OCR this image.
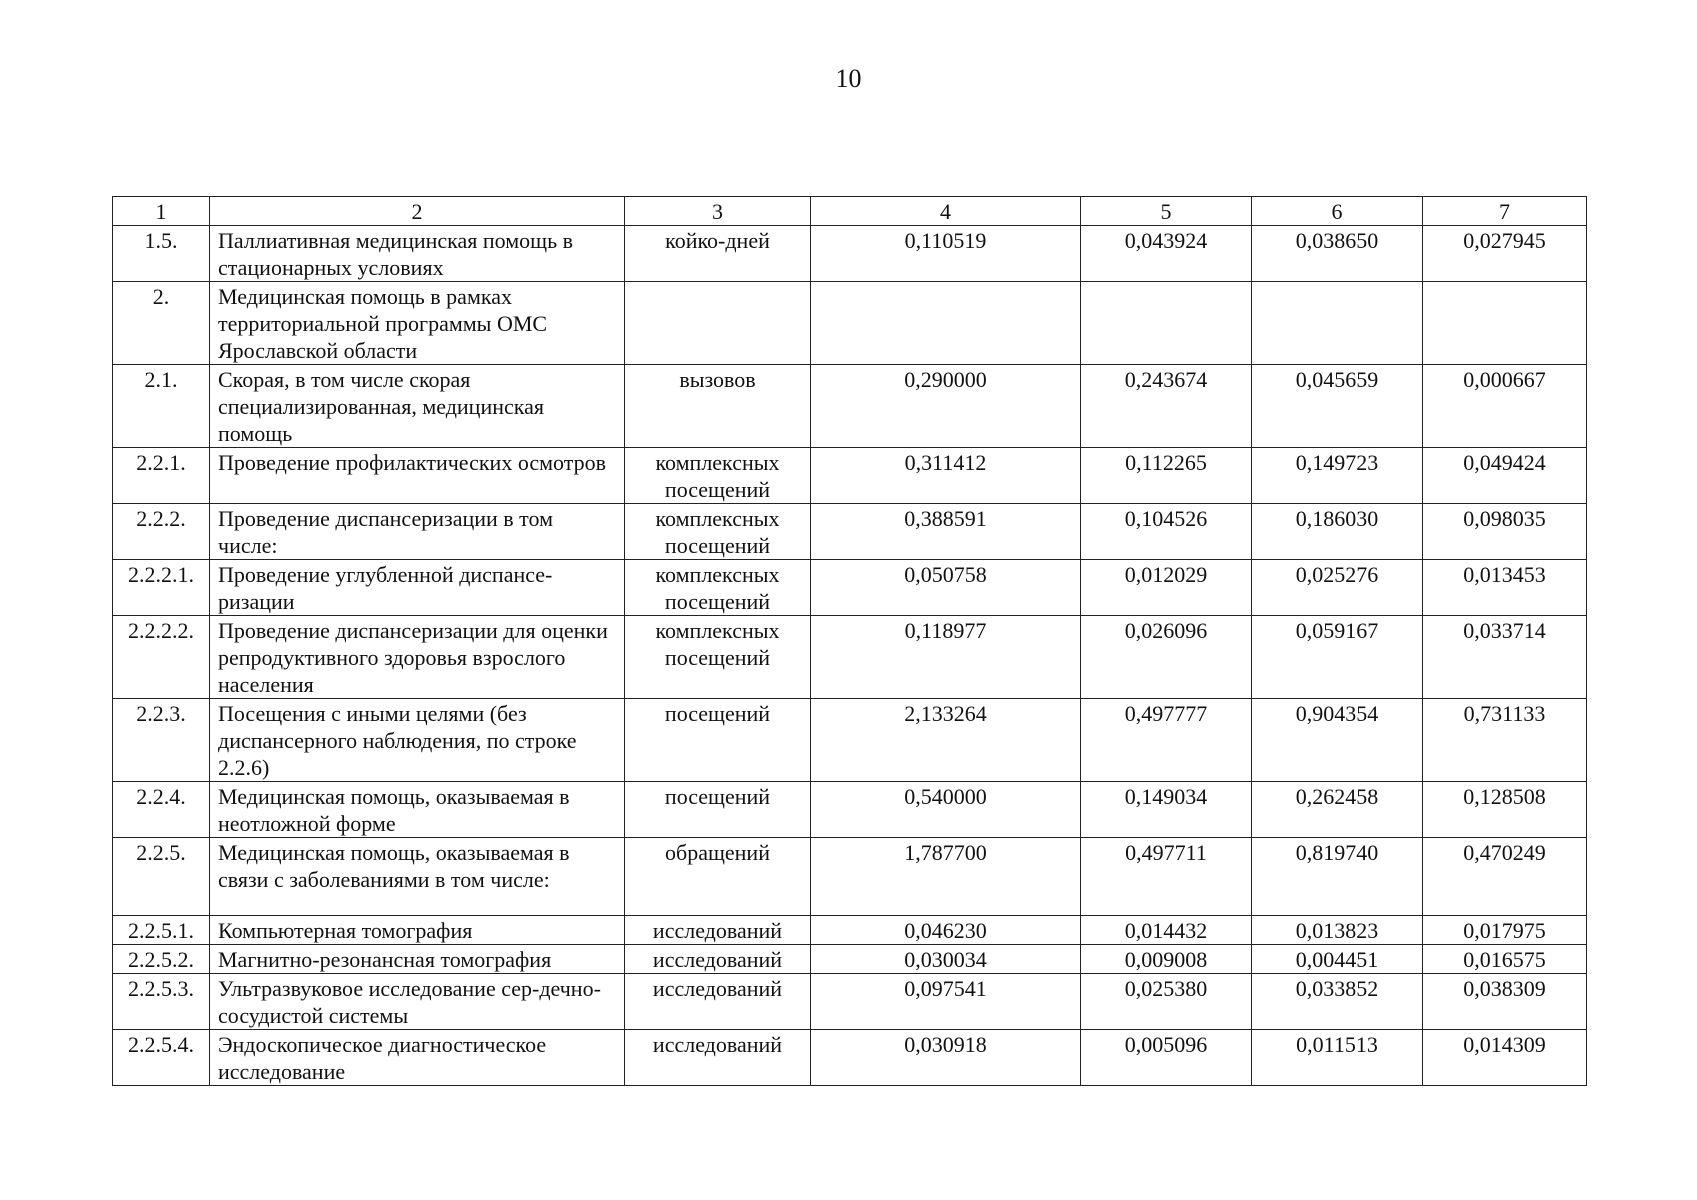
10
1	2	3	4	5	6	7
1.5.	Паллиативная медицинская помощь в стационарных условиях	койко-дней	0,110519	0,043924	0,038650	0,027945
2.	Медицинская помощь в рамках территориальной программы ОМС Ярославской области					
2.1.	Скорая, в том числе скорая специализированная, медицинская помощь	вызовов	0,290000	0,243674	0,045659	0,000667
2.2.1.	Проведение профилактических осмотров	комплексных посещений	0,311412	0,112265	0,149723	0,049424
2.2.2.	Проведение диспансеризации в том числе:	комплексных посещений	0,388591	0,104526	0,186030	0,098035
2.2.2.1.	Проведение углубленной диспансе-ризации	комплексных посещений	0,050758	0,012029	0,025276	0,013453
2.2.2.2.	Проведение диспансеризации для оценки репродуктивного здоровья взрослого населения	комплексных посещений	0,118977	0,026096	0,059167	0,033714
2.2.3.	Посещения с иными целями (без диспансерного наблюдения, по строке 2.2.6)	посещений	2,133264	0,497777	0,904354	0,731133
2.2.4.	Медицинская помощь, оказываемая в неотложной форме	посещений	0,540000	0,149034	0,262458	0,128508
2.2.5.	Медицинская помощь, оказываемая в связи с заболеваниями в том числе:	обращений	1,787700	0,497711	0,819740	0,470249
2.2.5.1.	Компьютерная томография	исследований	0,046230	0,014432	0,013823	0,017975
2.2.5.2.	Магнитно-резонансная томография	исследований	0,030034	0,009008	0,004451	0,016575
2.2.5.3.	Ультразвуковое исследование сер-дечно-сосудистой системы	исследований	0,097541	0,025380	0,033852	0,038309
2.2.5.4.	Эндоскопическое диагностическое исследование	исследований	0,030918	0,005096	0,011513	0,014309
